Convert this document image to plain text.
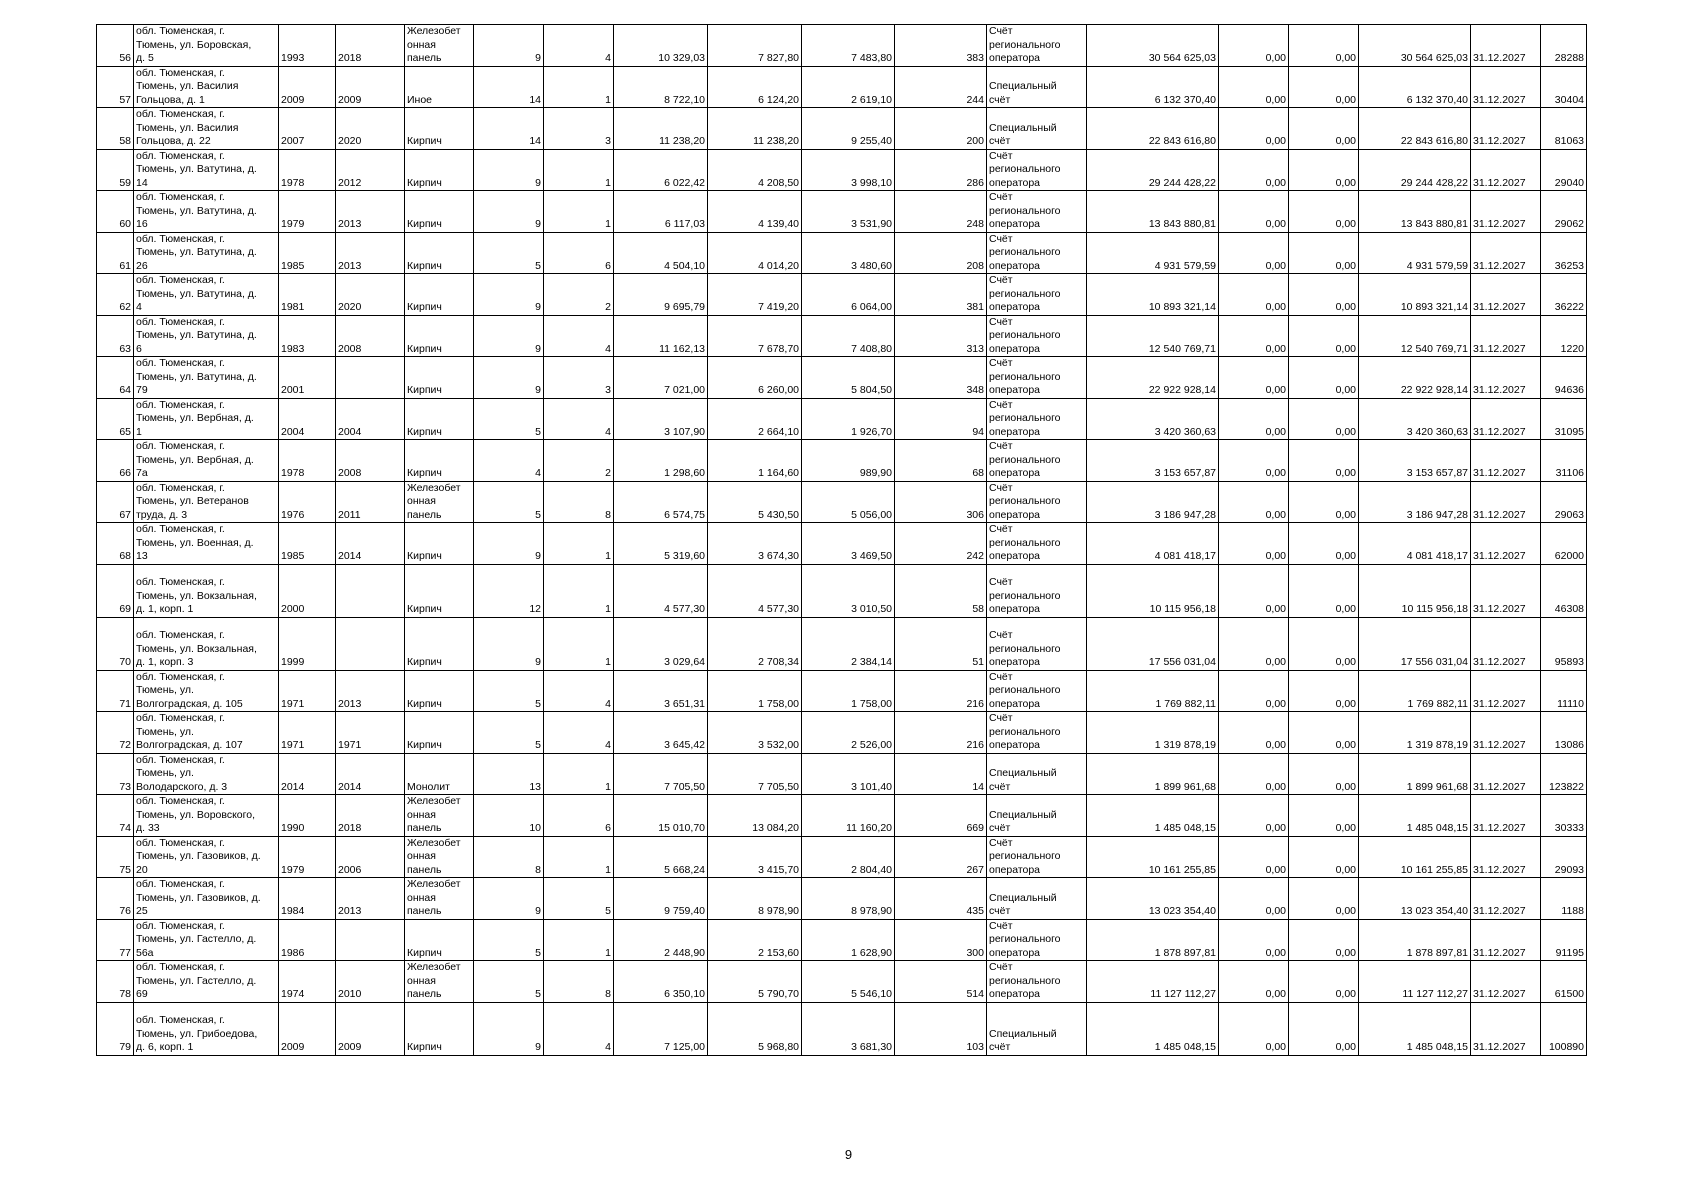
56	обл. Тюменская, г.
Тюмень, ул. Боровская,
д. 5	1993	2018	Железобет
онная
панель	9	4	10 329,03	7 827,80	7 483,80	383	Счёт
регионального
оператора	30 564 625,03	0,00	0,00	30 564 625,03	31.12.2027	28288
57	обл. Тюменская, г.
Тюмень, ул. Василия
Гольцова, д. 1	2009	2009	Иное	14	1	8 722,10	6 124,20	2 619,10	244	Специальный
счёт	6 132 370,40	0,00	0,00	6 132 370,40	31.12.2027	30404
58	обл. Тюменская, г.
Тюмень, ул. Василия
Гольцова, д. 22	2007	2020	Кирпич	14	3	11 238,20	11 238,20	9 255,40	200	Специальный
счёт	22 843 616,80	0,00	0,00	22 843 616,80	31.12.2027	81063
59	обл. Тюменская, г.
Тюмень, ул. Ватутина, д.
14	1978	2012	Кирпич	9	1	6 022,42	4 208,50	3 998,10	286	Счёт
регионального
оператора	29 244 428,22	0,00	0,00	29 244 428,22	31.12.2027	29040
60	обл. Тюменская, г.
Тюмень, ул. Ватутина, д.
16	1979	2013	Кирпич	9	1	6 117,03	4 139,40	3 531,90	248	Счёт
регионального
оператора	13 843 880,81	0,00	0,00	13 843 880,81	31.12.2027	29062
61	обл. Тюменская, г.
Тюмень, ул. Ватутина, д.
26	1985	2013	Кирпич	5	6	4 504,10	4 014,20	3 480,60	208	Счёт
регионального
оператора	4 931 579,59	0,00	0,00	4 931 579,59	31.12.2027	36253
62	обл. Тюменская, г.
Тюмень, ул. Ватутина, д.
4	1981	2020	Кирпич	9	2	9 695,79	7 419,20	6 064,00	381	Счёт
регионального
оператора	10 893 321,14	0,00	0,00	10 893 321,14	31.12.2027	36222
63	обл. Тюменская, г.
Тюмень, ул. Ватутина, д.
6	1983	2008	Кирпич	9	4	11 162,13	7 678,70	7 408,80	313	Счёт
регионального
оператора	12 540 769,71	0,00	0,00	12 540 769,71	31.12.2027	1220
64	обл. Тюменская, г.
Тюмень, ул. Ватутина, д.
79	2001		Кирпич	9	3	7 021,00	6 260,00	5 804,50	348	Счёт
регионального
оператора	22 922 928,14	0,00	0,00	22 922 928,14	31.12.2027	94636
65	обл. Тюменская, г.
Тюмень, ул. Вербная, д.
1	2004	2004	Кирпич	5	4	3 107,90	2 664,10	1 926,70	94	Счёт
регионального
оператора	3 420 360,63	0,00	0,00	3 420 360,63	31.12.2027	31095
66	обл. Тюменская, г.
Тюмень, ул. Вербная, д.
7а	1978	2008	Кирпич	4	2	1 298,60	1 164,60	989,90	68	Счёт
регионального
оператора	3 153 657,87	0,00	0,00	3 153 657,87	31.12.2027	31106
67	обл. Тюменская, г.
Тюмень, ул. Ветеранов
труда, д. 3	1976	2011	Железобет
онная
панель	5	8	6 574,75	5 430,50	5 056,00	306	Счёт
регионального
оператора	3 186 947,28	0,00	0,00	3 186 947,28	31.12.2027	29063
68	обл. Тюменская, г.
Тюмень, ул. Военная, д.
13	1985	2014	Кирпич	9	1	5 319,60	3 674,30	3 469,50	242	Счёт
регионального
оператора	4 081 418,17	0,00	0,00	4 081 418,17	31.12.2027	62000
69	обл. Тюменская, г.
Тюмень, ул. Вокзальная,
д. 1, корп. 1	2000		Кирпич	12	1	4 577,30	4 577,30	3 010,50	58	Счёт
регионального
оператора	10 115 956,18	0,00	0,00	10 115 956,18	31.12.2027	46308
70	обл. Тюменская, г.
Тюмень, ул. Вокзальная,
д. 1, корп. 3	1999		Кирпич	9	1	3 029,64	2 708,34	2 384,14	51	Счёт
регионального
оператора	17 556 031,04	0,00	0,00	17 556 031,04	31.12.2027	95893
71	обл. Тюменская, г.
Тюмень, ул.
Волгоградская, д. 105	1971	2013	Кирпич	5	4	3 651,31	1 758,00	1 758,00	216	Счёт
регионального
оператора	1 769 882,11	0,00	0,00	1 769 882,11	31.12.2027	11110
72	обл. Тюменская, г.
Тюмень, ул.
Волгоградская, д. 107	1971	1971	Кирпич	5	4	3 645,42	3 532,00	2 526,00	216	Счёт
регионального
оператора	1 319 878,19	0,00	0,00	1 319 878,19	31.12.2027	13086
73	обл. Тюменская, г.
Тюмень, ул.
Володарского, д. 3	2014	2014	Монолит	13	1	7 705,50	7 705,50	3 101,40	14	Специальный
счёт	1 899 961,68	0,00	0,00	1 899 961,68	31.12.2027	123822
74	обл. Тюменская, г.
Тюмень, ул. Воровского,
д. 33	1990	2018	Железобет
онная
панель	10	6	15 010,70	13 084,20	11 160,20	669	Специальный
счёт	1 485 048,15	0,00	0,00	1 485 048,15	31.12.2027	30333
75	обл. Тюменская, г.
Тюмень, ул. Газовиков, д.
20	1979	2006	Железобет
онная
панель	8	1	5 668,24	3 415,70	2 804,40	267	Счёт
регионального
оператора	10 161 255,85	0,00	0,00	10 161 255,85	31.12.2027	29093
76	обл. Тюменская, г.
Тюмень, ул. Газовиков, д.
25	1984	2013	Железобет
онная
панель	9	5	9 759,40	8 978,90	8 978,90	435	Специальный
счёт	13 023 354,40	0,00	0,00	13 023 354,40	31.12.2027	1188
77	обл. Тюменская, г.
Тюмень, ул. Гастелло, д.
56а	1986		Кирпич	5	1	2 448,90	2 153,60	1 628,90	300	Счёт
регионального
оператора	1 878 897,81	0,00	0,00	1 878 897,81	31.12.2027	91195
78	обл. Тюменская, г.
Тюмень, ул. Гастелло, д.
69	1974	2010	Железобет
онная
панель	5	8	6 350,10	5 790,70	5 546,10	514	Счёт
регионального
оператора	11 127 112,27	0,00	0,00	11 127 112,27	31.12.2027	61500
79	обл. Тюменская, г.
Тюмень, ул. Грибоедова,
д. 6, корп. 1	2009	2009	Кирпич	9	4	7 125,00	5 968,80	3 681,30	103	Специальный
счёт	1 485 048,15	0,00	0,00	1 485 048,15	31.12.2027	100890
9
